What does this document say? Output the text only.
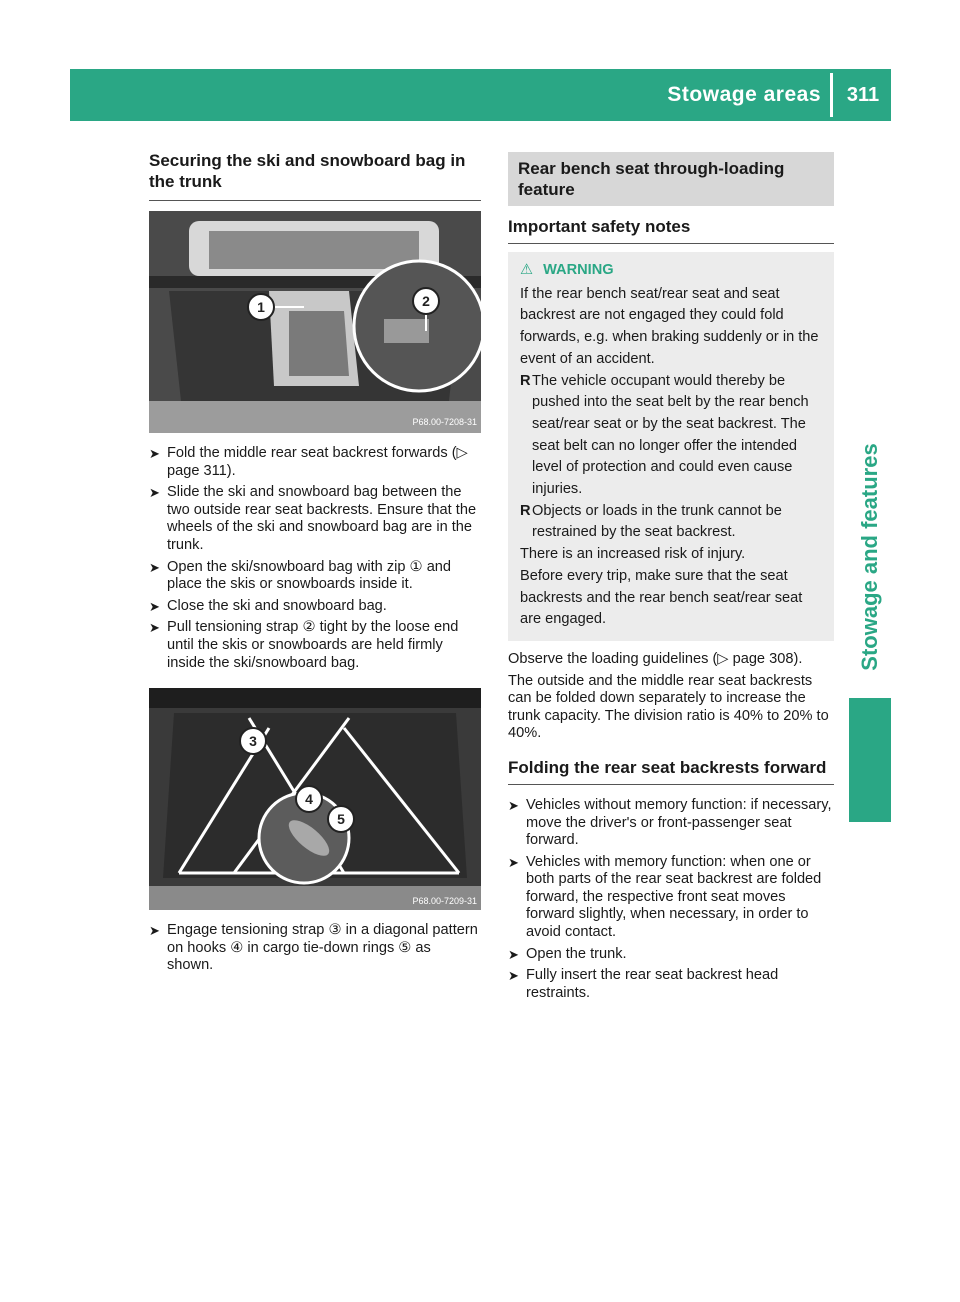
Stowage areas	311
Stowage and features
Securing the ski and snowboard bag in the trunk
1	2
P68.00-7208-31
➤ Fold the middle rear seat backrest forwards (▷ page 311).
➤ Slide the ski and snowboard bag between the two outside rear seat backrests. Ensure that the wheels of the ski and snowboard bag are in the trunk.
➤ Open the ski/snowboard bag with zip ① and place the skis or snowboards inside it.
➤ Close the ski and snowboard bag.
➤ Pull tensioning strap ② tight by the loose end until the skis or snowboards are held firmly inside the ski/snowboard bag.
3
4
5
P68.00-7209-31
➤ Engage tensioning strap ③ in a diagonal pattern on hooks ④ in cargo tie-down rings ⑤ as shown.
Rear bench seat through-loading feature
Important safety notes
⚠ WARNING

If the rear bench seat/rear seat and seat backrest are not engaged they could fold forwards, e.g. when braking suddenly or in the event of an accident.

R The vehicle occupant would thereby be pushed into the seat belt by the rear bench seat/rear seat or by the seat backrest. The seat belt can no longer offer the intended level of protection and could even cause injuries.
R Objects or loads in the trunk cannot be restrained by the seat backrest.

There is an increased risk of injury.

Before every trip, make sure that the seat backrests and the rear bench seat/rear seat are engaged.

Observe the loading guidelines (▷ page 308).

The outside and the middle rear seat backrests can be folded down separately to increase the trunk capacity. The division ratio is 40% to 20% to 40%.

Folding the rear seat backrests forward
➤ Vehicles without memory function: if necessary, move the driver's or front-passenger seat forward.
➤ Vehicles with memory function: when one or both parts of the rear seat backrest are folded forward, the respective front seat moves forward slightly, when necessary, in order to avoid contact.
➤ Open the trunk.
➤ Fully insert the rear seat backrest head restraints.
